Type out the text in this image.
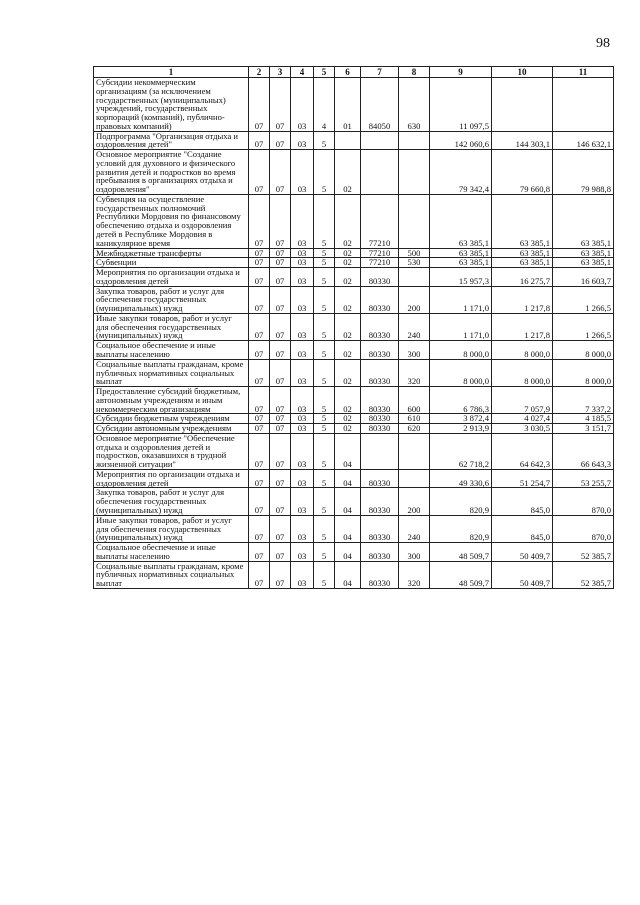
98
1	2	3	4	5	6	7	8	9	10	11
Субсидии некоммерческим организациям (за исключением государственных (муниципальных) учреждений, государственных корпораций (компаний), публично-правовых компаний)	07	07	03	4	01	84050	630	11 097,5		
Подпрограмма "Организация отдыха и оздоровления детей"	07	07	03	5				142 060,6	144 303,1	146 632,1
Основное мероприятие "Создание условий для духовного и физического развития детей и подростков во время пребывания в организациях отдыха и оздоровления"	07	07	03	5	02			79 342,4	79 660,8	79 988,8
Субвенция на осуществление государственных полномочий Республики Мордовия по финансовому обеспечению отдыха и оздоровления детей в Республике Мордовия в каникулярное время	07	07	03	5	02	77210		63 385,1	63 385,1	63 385,1
Межбюджетные трансферты	07	07	03	5	02	77210	500	63 385,1	63 385,1	63 385,1
Субвенции	07	07	03	5	02	77210	530	63 385,1	63 385,1	63 385,1
Мероприятия по организации отдыха и оздоровления детей	07	07	03	5	02	80330		15 957,3	16 275,7	16 603,7
Закупка товаров, работ и услуг для обеспечения государственных (муниципальных) нужд	07	07	03	5	02	80330	200	1 171,0	1 217,8	1 266,5
Иные закупки товаров, работ и услуг для обеспечения государственных (муниципальных) нужд	07	07	03	5	02	80330	240	1 171,0	1 217,8	1 266,5
Социальное обеспечение и иные выплаты населению	07	07	03	5	02	80330	300	8 000,0	8 000,0	8 000,0
Социальные выплаты гражданам, кроме публичных нормативных социальных выплат	07	07	03	5	02	80330	320	8 000,0	8 000,0	8 000,0
Предоставление субсидий бюджетным, автономным учреждениям и иным некоммерческим организациям	07	07	03	5	02	80330	600	6 786,3	7 057,9	7 337,2
Субсидии бюджетным учреждениям	07	07	03	5	02	80330	610	3 872,4	4 027,4	4 185,5
Субсидии автономным учреждениям	07	07	03	5	02	80330	620	2 913,9	3 030,5	3 151,7
Основное мероприятие "Обеспечение отдыха и оздоровления детей и подростков, оказавшихся в трудной жизненной ситуации"	07	07	03	5	04			62 718,2	64 642,3	66 643,3
Мероприятия по организации отдыха и оздоровления детей	07	07	03	5	04	80330		49 330,6	51 254,7	53 255,7
Закупка товаров, работ и услуг для обеспечения государственных (муниципальных) нужд	07	07	03	5	04	80330	200	820,9	845,0	870,0
Иные закупки товаров, работ и услуг для обеспечения государственных (муниципальных) нужд	07	07	03	5	04	80330	240	820,9	845,0	870,0
Социальное обеспечение и иные выплаты населению	07	07	03	5	04	80330	300	48 509,7	50 409,7	52 385,7
Социальные выплаты гражданам, кроме публичных нормативных социальных выплат	07	07	03	5	04	80330	320	48 509,7	50 409,7	52 385,7
